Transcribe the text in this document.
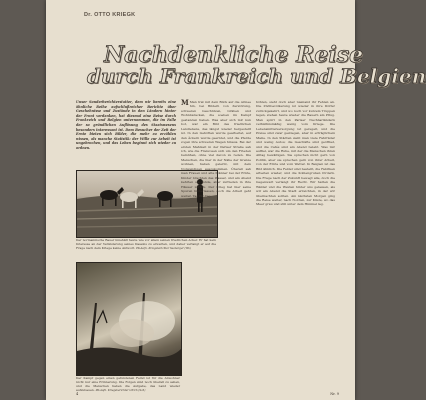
Dr. OTTO KRIEGK
Nachdenkliche Reise
durch Frankreich und Belgien

Unser Sonderberichterstatter, dem wir bereits eine ähnliche Reihe aufschlußreicher Berichte über Geschehnisse und Zustände in den Ländern hinter der Front verdanken, hat diesmal eine Reise durch Frankreich und Belgien unternommen, die im Falle der so gründlichen Auflösung des Staatswesens besonders interessant ist. Dem Besucher der Zeit der Ernte bieten sich Bilder, die mehr zu erzählen wissen, als manche Statistik: der Wille zur Arbeit ist ungebrochen, und das Leben beginnt sich wieder zu ordnen.

Der normannische Bauer innehält heute wie vor allem seinen friedlichen Acker. Er hat kein Interesse an der Veränderung seines Daseins zu erwarten, und daher verlangt er auf die Frage nach dem Kriege keine Antwort. PK-Aufn. Kriegsberichter Seeberger (Wb)

Der Kampf gegen einen gefundenen Feind ist für die Anwohner nicht nur eine Erinnerung. Die Folgen sind noch überall zu sehen, und die Menschen haben die Aufgabe, das Land wieder aufzubauen. PK-Aufn. Kriegsberichter Ulrich (Sch)

M Man trat mit dem Blick auf die Armee hin, bei Bildern von Zerstörung, schweren Geschützen, Gräben und Wohnbaracken, die soeben im Kampf gestanden haben. Was aber sich mir nun bot, war ein Bild des friedlichen Landlebens, das längst wieder hergestellt ist. In den Gehöften wurde gearbeitet, auf den Äckern wurde geerntet, und die Pferde zogen ihre schweren Wagen hinaus. Bei der ersten Mahlzeit in der Pariser Straße sah ich, wie die Franzosen sich um den Frieden bemühen, ohne viel davon zu reden. Die Menschen, die hier in der Nähe der Grenze wohnen, haben gelernt, mit dem Notwendigen auszukommen. Überall sah man Frauen und alte Männer bei der Ernte, Kinder brachten das Wasser, und am Abend kehrten sie müde, aber zufrieden in ihre Häuser zurück. Der Krieg hat hier seine Spuren hinterlassen, doch die Arbeit geht weiter, Tag für Tag.

höhlen, sieht doch aber niemand ihr Fehlen an. Die Zivilbevölkerung ist wieder in ihre Dörfer zurückgekehrt, und wo noch vor kurzem Truppen lagen, stehen heute wieder die Bauern am Pflug. Man spürt in den Pariser Nachbarländern verhältnismäßig wenig vom Kriege. Die Lebensmittelversorgung ist geregelt, und die Preise sind zwar gestiegen, aber in erträglichem Maße. In den Städten sieht man viele Fahrräder und wenig Autos; die Geschäfte sind geöffnet, und die Cafés sind am Abend belebt. Was mir auffiel, war die Ruhe, mit der die Menschen ihren Alltag bewältigen. Sie sprechen nicht gern von Politik, aber sie sprechen gern von ihrer Arbeit, von der Ernte und vom Wetter. In Belgien ist das Bild ähnlich. Die Felder sind bestellt, die Fabriken arbeiten wieder, und die Kohlengruben fördern. Die Frage nach der Zukunft bewegt alle, doch die Gegenwart verlangt ihr Recht. Wir hatten die Wälder und die Weiden hinter uns gelassen, als wir am Abend die Stadt erreichten, in der wir übernachten sollten. Am nächsten Morgen ging die Reise weiter, nach Norden, zur Küste, wo das Meer grau und still unter dem Himmel lag.

4	Nr. 9
